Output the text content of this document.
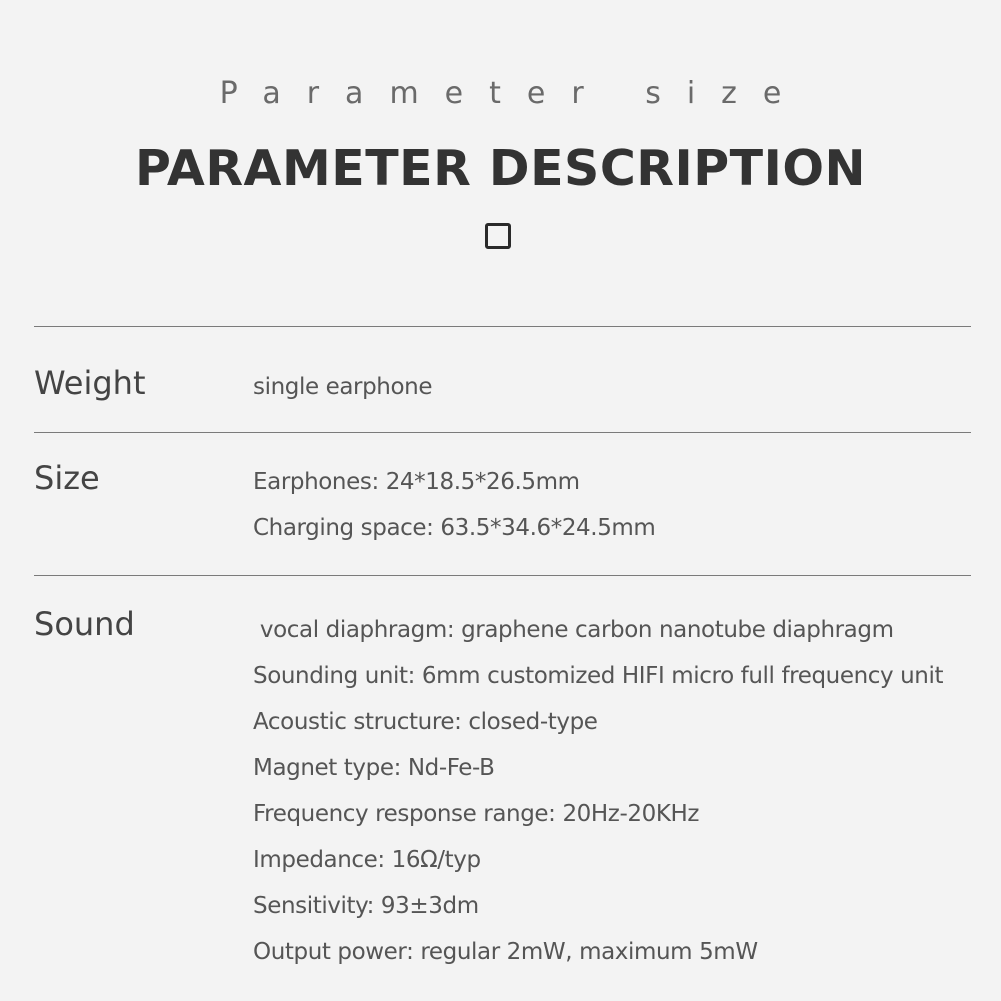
Parameter size
PARAMETER DESCRIPTION
Weight	single earphone
Size	Earphones: 24*18.5*26.5mm
Charging space: 63.5*34.6*24.5mm
Sound	vocal diaphragm: graphene carbon nanotube diaphragm
Sounding unit: 6mm customized HIFI micro full frequency unit
Acoustic structure: closed-type
Magnet type: Nd-Fe-B
Frequency response range: 20Hz-20KHz
Impedance: 16Ω/typ
Sensitivity: 93±3dm
Output power: regular 2mW, maximum 5mW
